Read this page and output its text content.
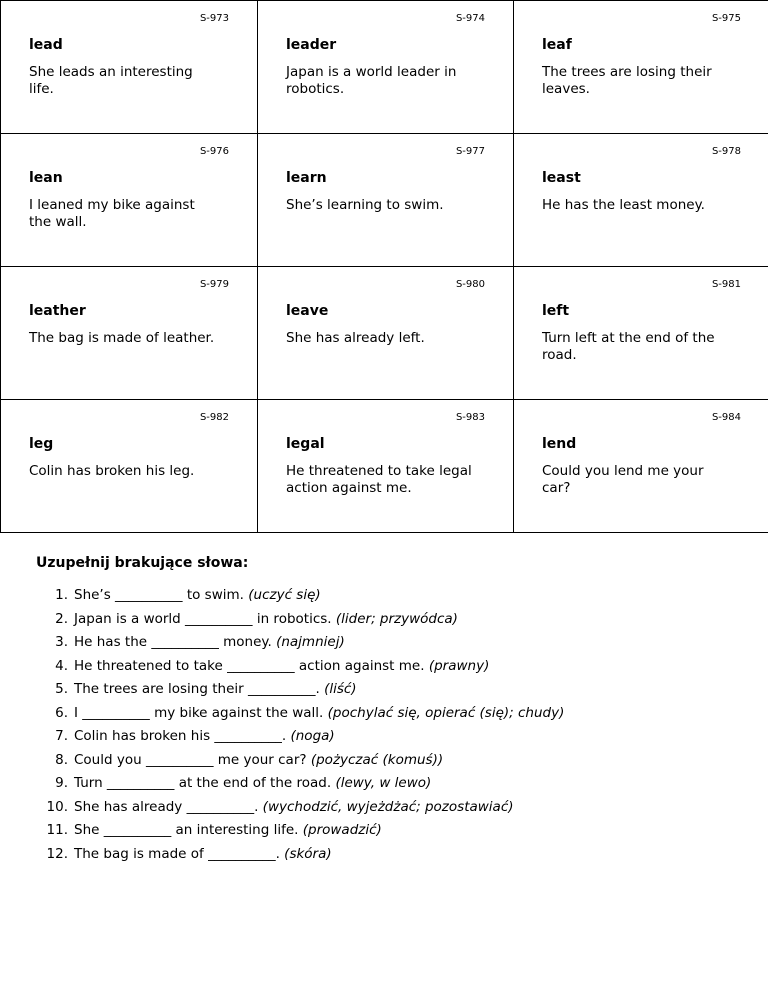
S-973
lead
She leads an interesting life.
S-974
leader
Japan is a world leader in robotics.
S-975
leaf
The trees are losing their leaves.
S-976
lean
I leaned my bike against the wall.
S-977
learn
She’s learning to swim.
S-978
least
He has the least money.
S-979
leather
The bag is made of leather.
S-980
leave
She has already left.
S-981
left
Turn left at the end of the road.
S-982
leg
Colin has broken his leg.
S-983
legal
He threatened to take legal action against me.
S-984
lend
Could you lend me your car?
Uzupełnij brakujące słowa:
1. She’s __________ to swim. (uczyć się)
2. Japan is a world __________ in robotics. (lider; przywódca)
3. He has the __________ money. (najmniej)
4. He threatened to take __________ action against me. (prawny)
5. The trees are losing their __________. (liść)
6. I __________ my bike against the wall. (pochylać się, opierać (się); chudy)
7. Colin has broken his __________. (noga)
8. Could you __________ me your car? (pożyczać (komuś))
9. Turn __________ at the end of the road. (lewy, w lewo)
10. She has already __________. (wychodzić, wyjeżdżać; pozostawiać)
11. She __________ an interesting life. (prowadzić)
12. The bag is made of __________. (skóra)
